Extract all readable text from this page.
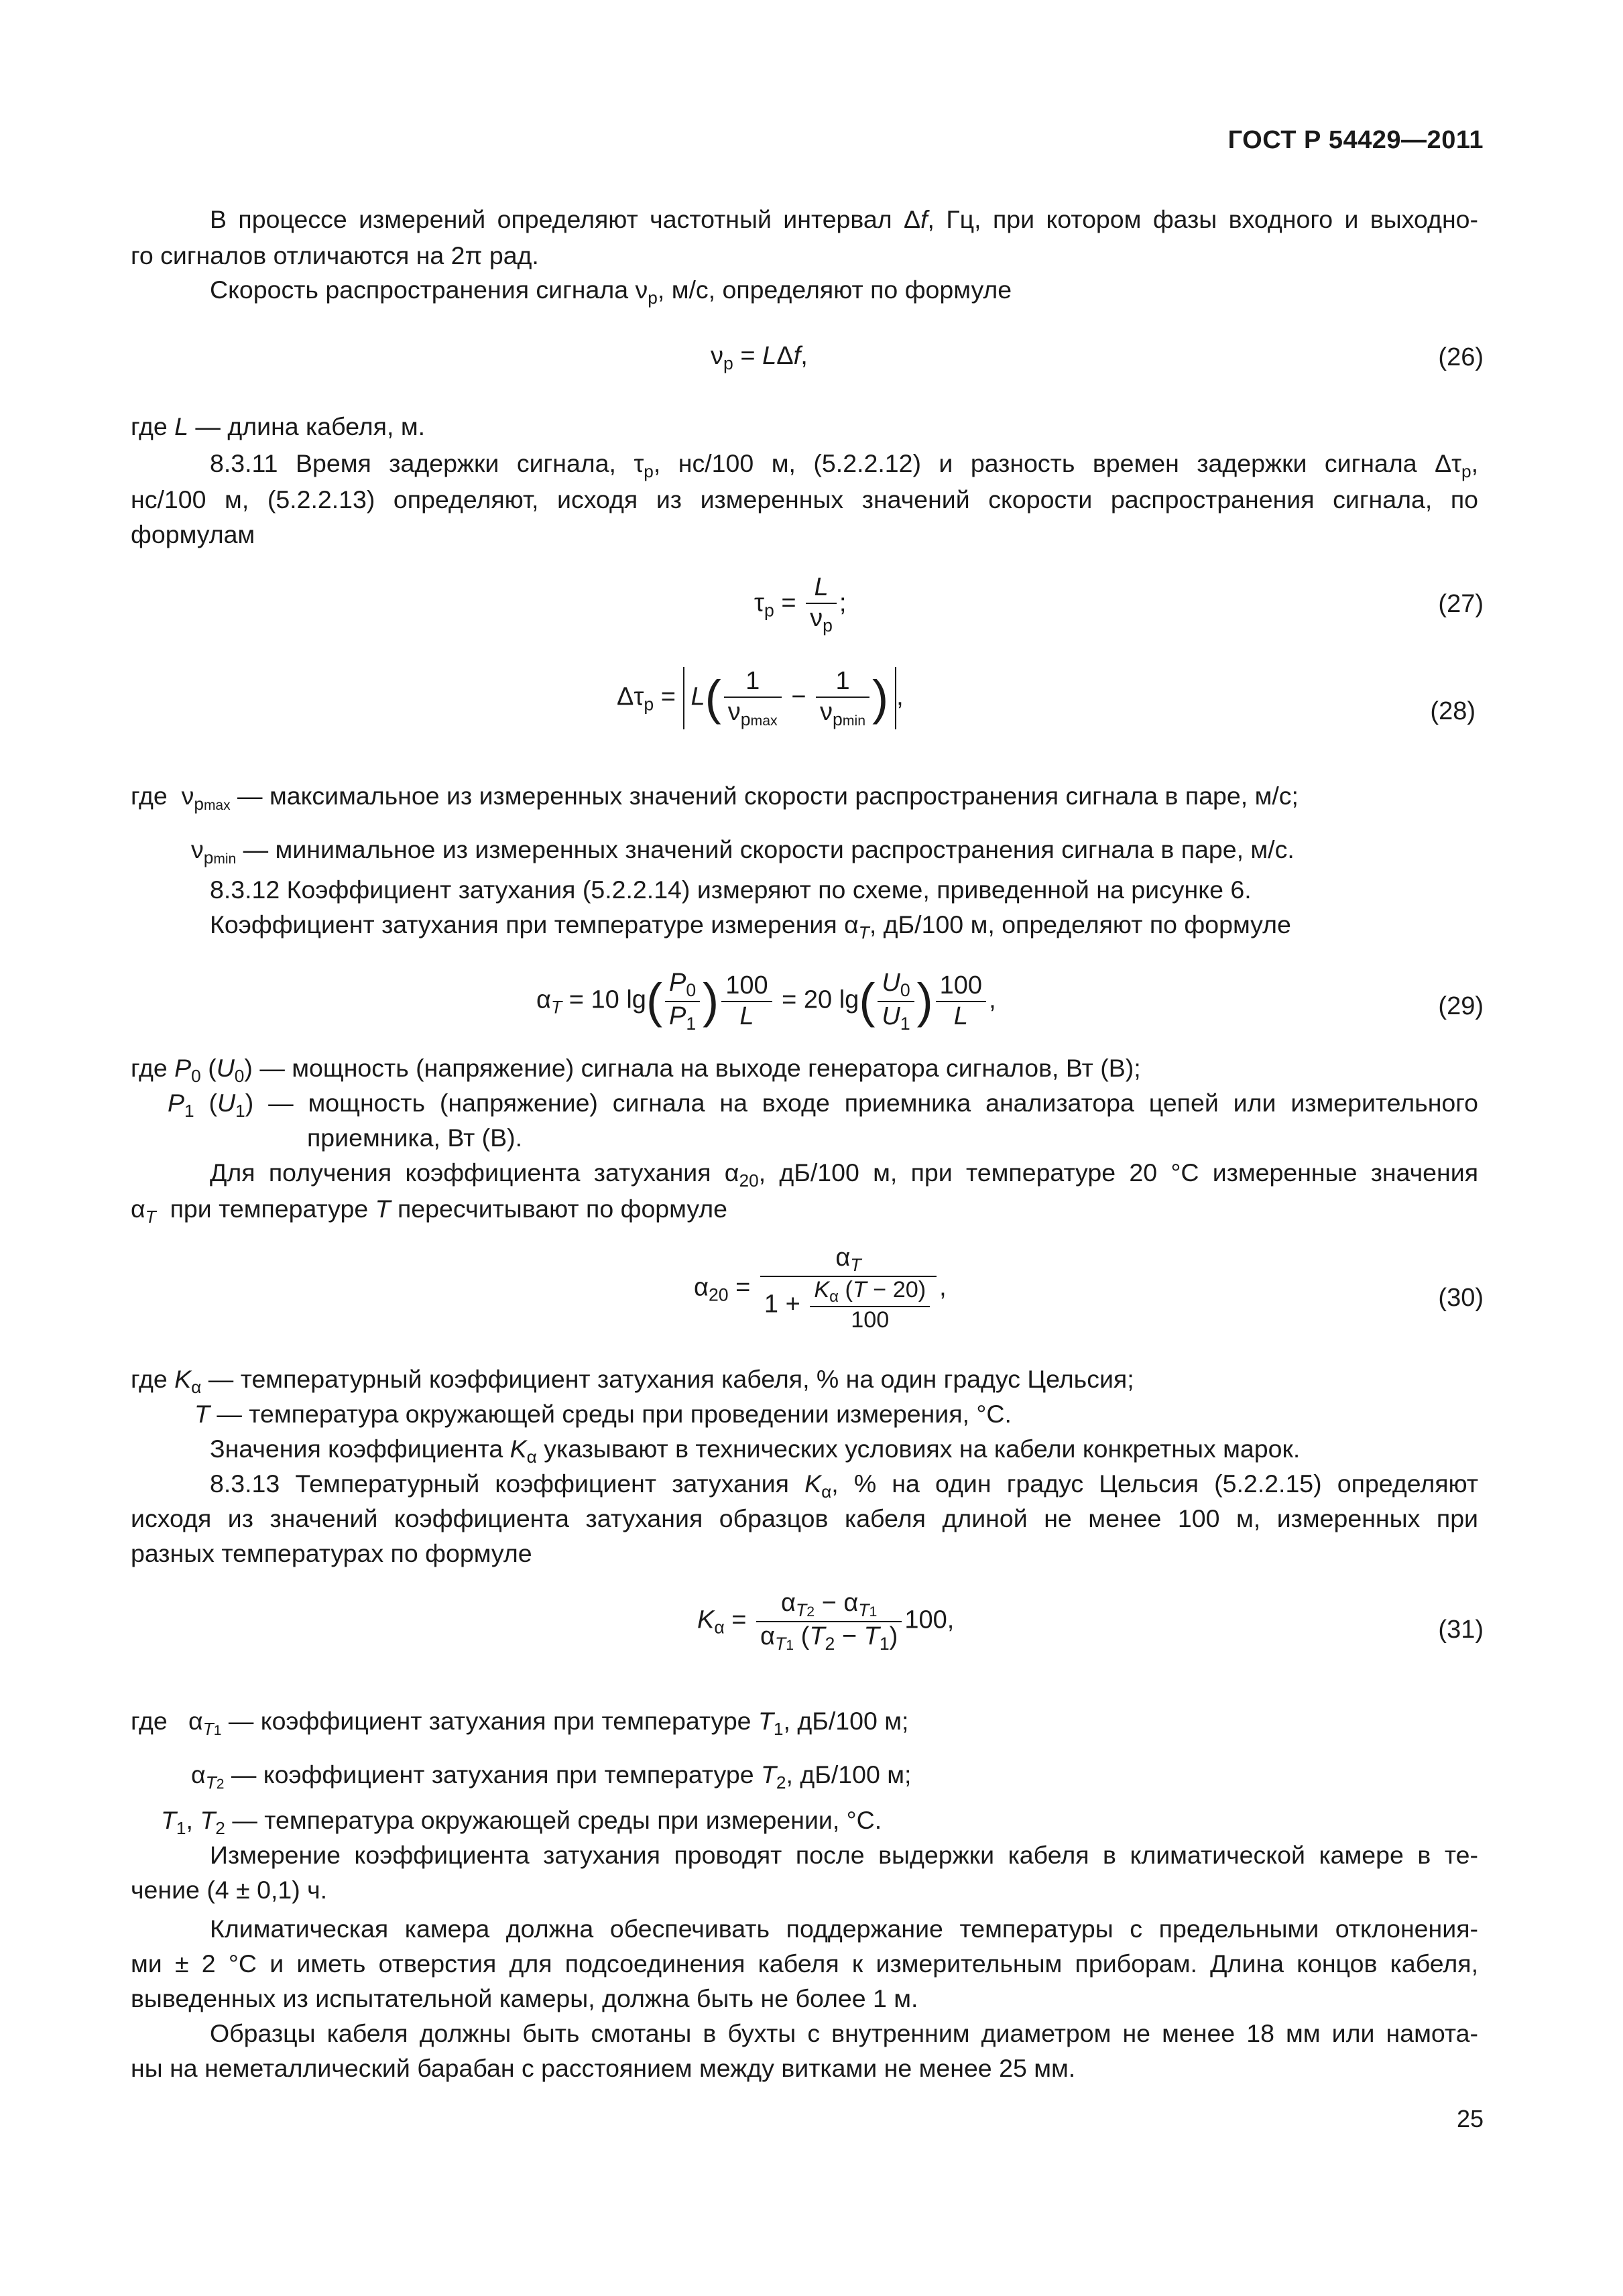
ГОСТ Р 54429—2011
В процессе измерений определяют частотный интервал Δf, Гц, при котором фазы входного и выходно-
го сигналов отличаются на 2π рад.
Скорость распространения сигнала $\nu_р$, м/с, определяют по формуле
$\nu_р = L\Delta f$,	(26)
где L — длина кабеля, м.
8.3.11 Время задержки сигнала, $\tau_р$, нс/100 м, (5.2.2.12) и разность времен задержки сигнала $\Delta\tau_р$,
нс/100 м, (5.2.2.13) определяют, исходя из измеренных значений скорости распространения сигнала, по
формулам
$\tau_р = \frac{L}{\nu_р}$ ;	(27)
$\Delta\tau_р = L( \frac{1}{\nu_{рmax}} - \frac{1}{\nu_{рmin}}$ ) ,
(28)
где  $\nu_{рmax}$ — максимальное из измеренных значений скорости распространения сигнала в паре, м/с;
$\nu_{рmin}$ — минимальное из измеренных значений скорости распространения сигнала в паре, м/с.
8.3.12 Коэффициент затухания (5.2.2.14) измеряют по схеме, приведенной на рисунке 6.
Коэффициент затухания при температуре измерения $\alpha_T$, дБ/100 м, определяют по формуле
$\alpha_T = 10$ $\lg( \frac{P_0}{P_1}$ ) $\frac{100}{L} = 20$ $\lg( \frac{U_0}{U_1}$ ) $\frac{100}{L}$ ,	(29)
где $P_0$ $(U_0)$ — мощность (напряжение) сигнала на выходе генератора сигналов, Вт (В);
$P_1$ $(U_1)$ — мощность (напряжение) сигнала на входе приемника анализатора цепей или измерительного
приемника, Вт (В).
Для получения коэффициента затухания $\alpha_{20}$, дБ/100 м, при температуре 20 °С измеренные значения
$\alpha_T$  при температуре T пересчитывают по формуле
$\alpha_{20} = \frac{\alpha_T}{1 + \frac{K_\alpha (T - 20)}{100}}$ ,	(30)
где $K_\alpha$ — температурный коэффициент затухания кабеля, % на один градус Цельсия;
T — температура окружающей среды при проведении измерения, °С.
Значения коэффициента $K_\alpha$ указывают в технических условиях на кабели конкретных марок.
8.3.13 Температурный коэффициент затухания $K_\alpha$, % на один градус Цельсия (5.2.2.15) определяют
исходя из значений коэффициента затухания образцов кабеля длиной не менее 100 м, измеренных при
разных температурах по формуле
$K_\alpha = \frac{\alpha_{T2} - \alpha_{T1}}{\alpha_{T1} (T_2 - T_1)} 100$,	(31)
где   $\alpha_{T1}$ — коэффициент затухания при температуре $T_1$, дБ/100 м;
$\alpha_{T2}$ — коэффициент затухания при температуре $T_2$, дБ/100 м;
$T_1$, $T_2$ — температура окружающей среды при измерении, °С.
Измерение коэффициента затухания проводят после выдержки кабеля в климатической камере в те-
чение (4 ± 0,1) ч.
Климатическая камера должна обеспечивать поддержание температуры с предельными отклонения-
ми ± 2 °С и иметь отверстия для подсоединения кабеля к измерительным приборам. Длина концов кабеля,
выведенных из испытательной камеры, должна быть не более 1 м.
Образцы кабеля должны быть смотаны в бухты с внутренним диаметром не менее 18 мм или намота-
ны на неметаллический барабан с расстоянием между витками не менее 25 мм.
25
